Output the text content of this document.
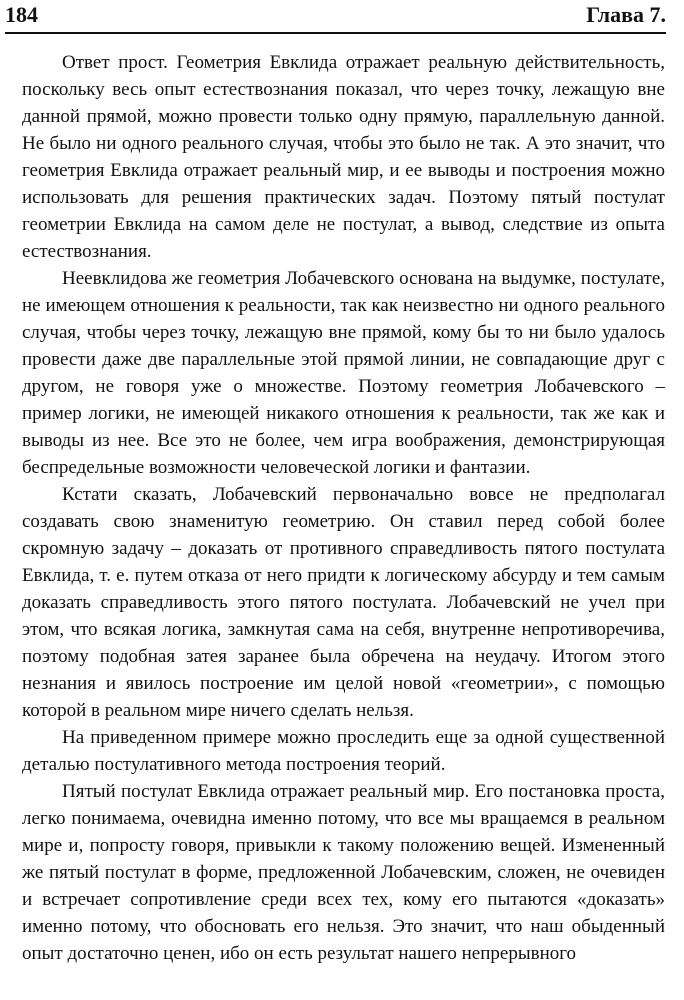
184	Глава 7.

Ответ прост. Геометрия Евклида отражает реальную действительность, поскольку весь опыт естествознания показал, что через точку, лежащую вне данной прямой, можно провести только одну прямую, параллельную данной. Не было ни одного реального случая, чтобы это было не так. А это значит, что геометрия Евклида отражает реальный мир, и ее выводы и построения можно использовать для решения практических задач. Поэтому пятый постулат геометрии Евклида на самом деле не постулат, а вывод, следствие из опыта естествознания.

Неевклидова же геометрия Лобачевского основана на выдумке, постулате, не имеющем отношения к реальности, так как неизвестно ни одного реального случая, чтобы через точку, лежащую вне прямой, кому бы то ни было удалось провести даже две параллельные этой прямой линии, не совпадающие друг с другом, не говоря уже о множестве. Поэтому геометрия Лобачевского – пример логики, не имеющей никакого отношения к реальности, так же как и выводы из нее. Все это не более, чем игра воображения, демонстрирующая беспредельные возможности человеческой логики и фантазии.

Кстати сказать, Лобачевский первоначально вовсе не предполагал создавать свою знаменитую геометрию. Он ставил перед собой более скромную задачу – доказать от противного справедливость пятого постулата Евклида, т. е. путем отказа от него придти к логическому абсурду и тем самым доказать справедливость этого пятого постулата. Лобачевский не учел при этом, что всякая логика, замкнутая сама на себя, внутренне непротиворечива, поэтому подобная затея заранее была обречена на неудачу. Итогом этого незнания и явилось построение им целой новой «геометрии», с помощью которой в реальном мире ничего сделать нельзя.

На приведенном примере можно проследить еще за одной существенной деталью постулативного метода построения теорий.

Пятый постулат Евклида отражает реальный мир. Его постановка проста, легко понимаема, очевидна именно потому, что все мы вращаемся в реальном мире и, попросту говоря, привыкли к такому положению вещей. Измененный же пятый постулат в форме, предложенной Лобачевским, сложен, не очевиден и встречает сопротивление среди всех тех, кому его пытаются «доказать» именно потому, что обосновать его нельзя. Это значит, что наш обыденный опыт достаточно ценен, ибо он есть результат нашего непрерывного
